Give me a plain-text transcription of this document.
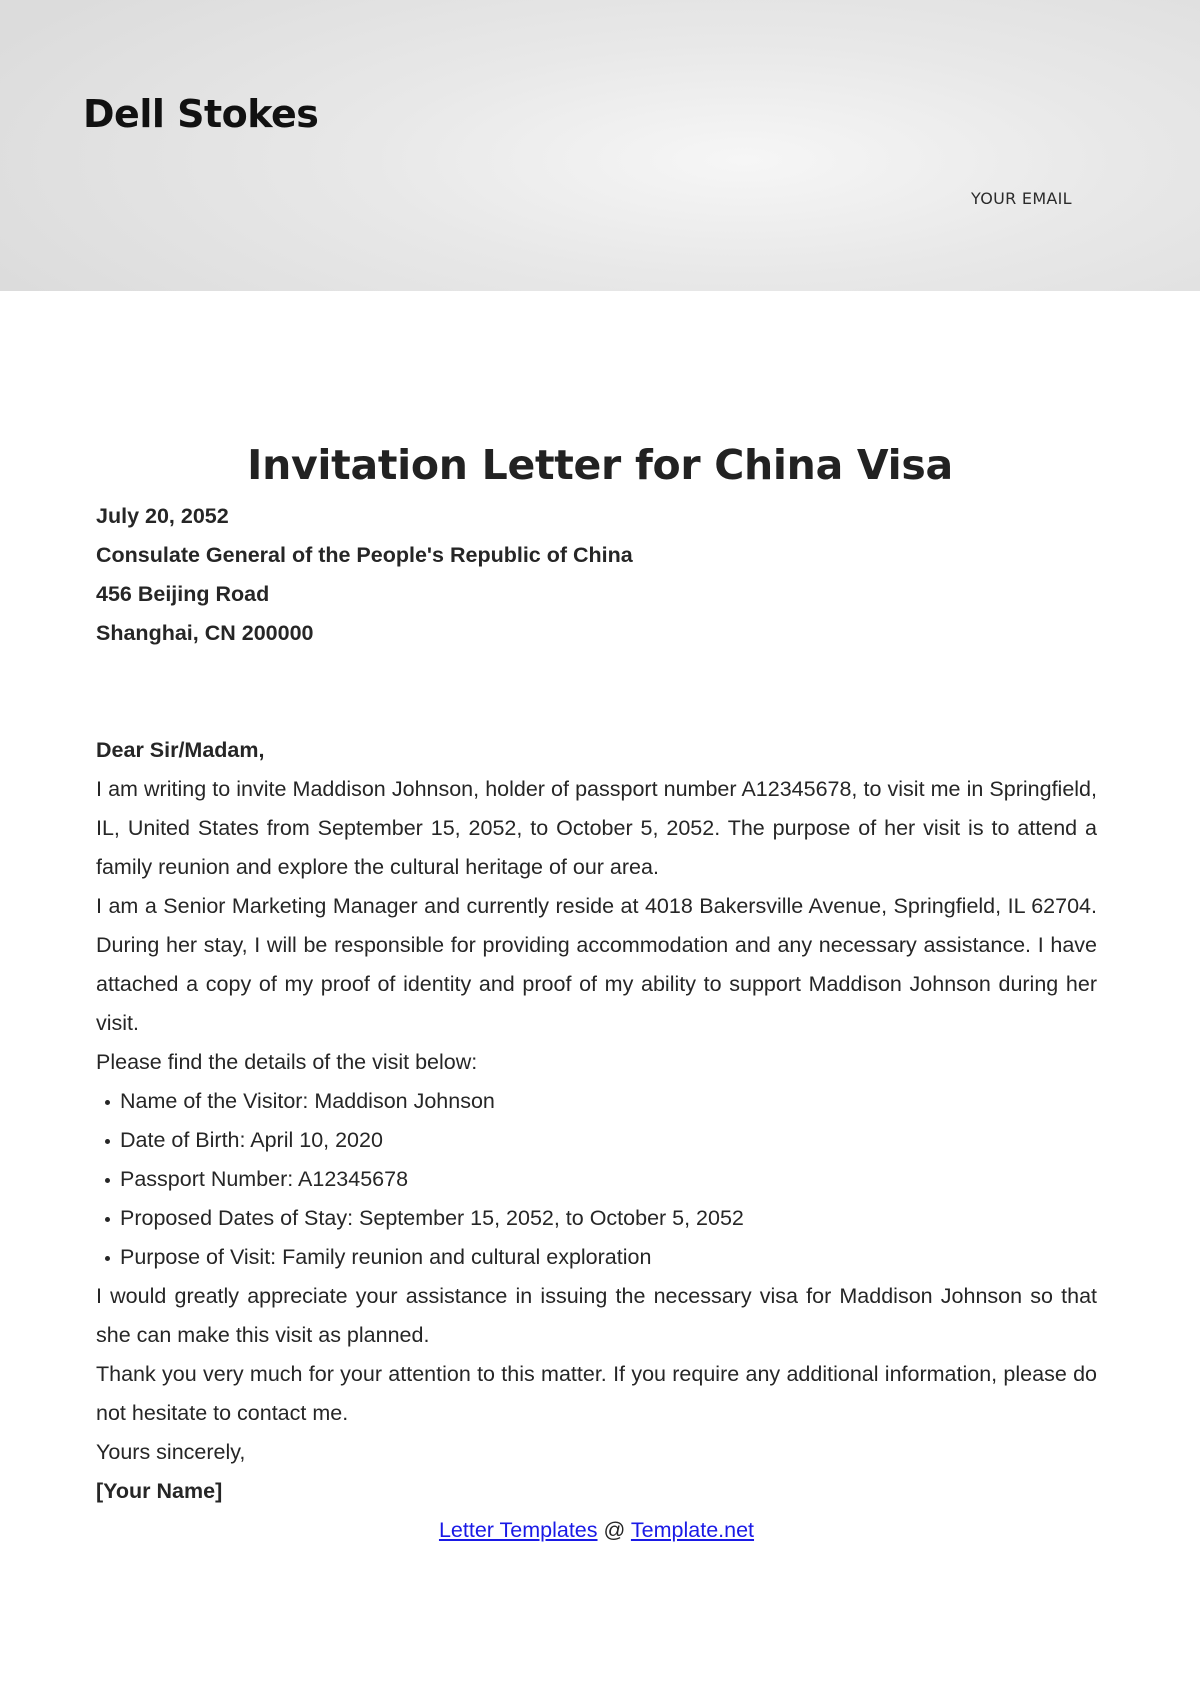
Dell Stokes
YOUR EMAIL
Invitation Letter for China Visa

July 20, 2052

Consulate General of the People's Republic of China

456 Beijing Road

Shanghai, CN 200000

Dear Sir/Madam,

I am writing to invite Maddison Johnson, holder of passport number A12345678, to visit me in Springfield, IL, United States from September 15, 2052, to October 5, 2052. The purpose of her visit is to attend a family reunion and explore the cultural heritage of our area.

I am a Senior Marketing Manager and currently reside at 4018 Bakersville Avenue, Springfield, IL 62704. During her stay, I will be responsible for providing accommodation and any necessary assistance. I have attached a copy of my proof of identity and proof of my ability to support Maddison Johnson during her visit.

Please find the details of the visit below:

Name of the Visitor: Maddison Johnson
Date of Birth: April 10, 2020
Passport Number: A12345678
Proposed Dates of Stay: September 15, 2052, to October 5, 2052
Purpose of Visit: Family reunion and cultural exploration

I would greatly appreciate your assistance in issuing the necessary visa for Maddison Johnson so that she can make this visit as planned.

Thank you very much for your attention to this matter. If you require any additional information, please do not hesitate to contact me.

Yours sincerely,

[Your Name]

Letter Templates @ Template.net
